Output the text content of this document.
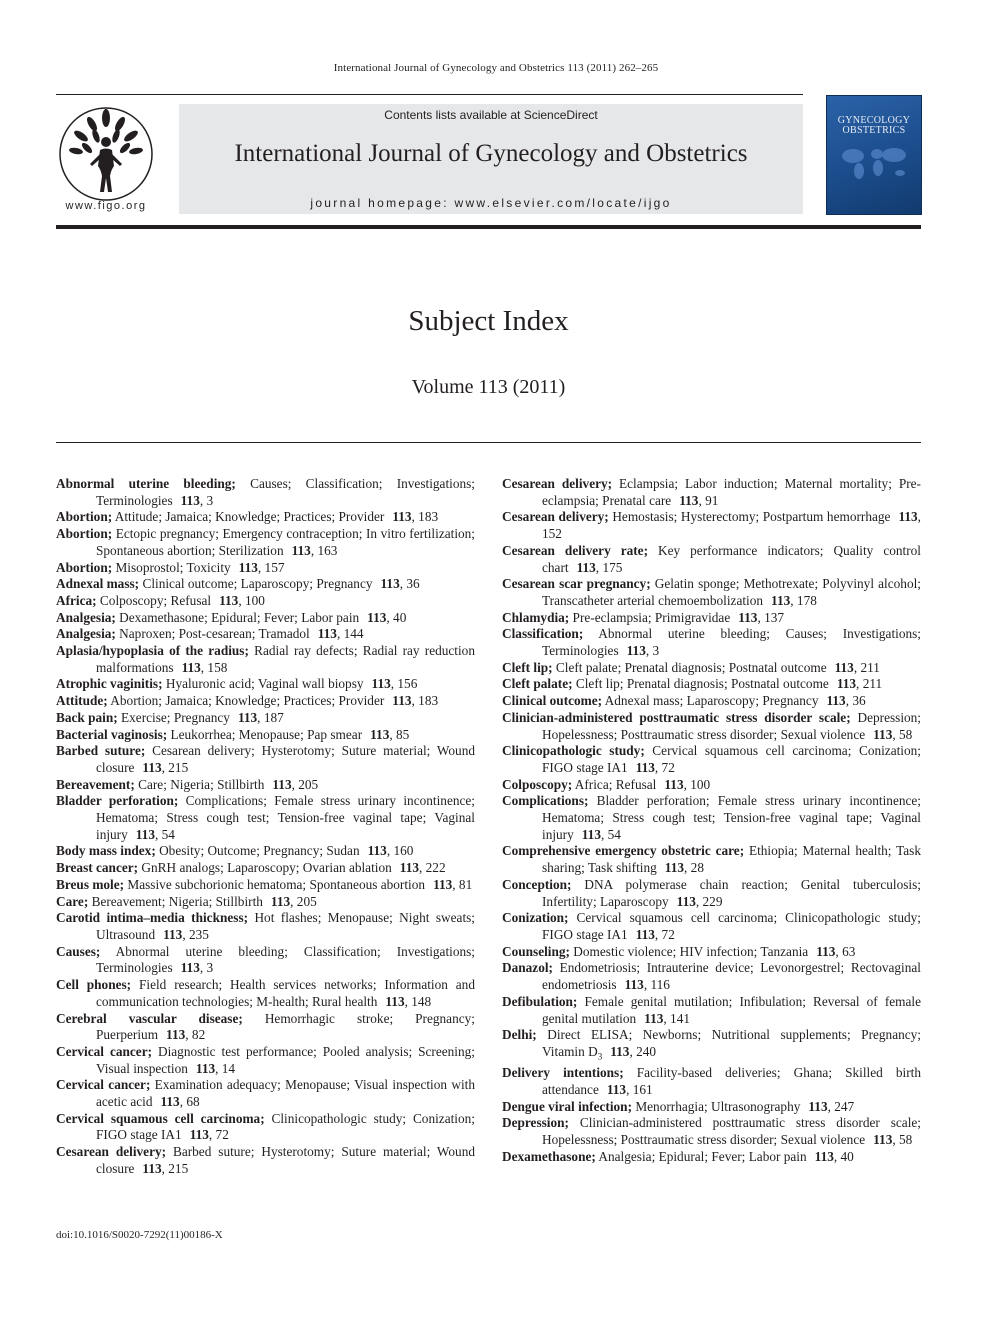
International Journal of Gynecology and Obstetrics 113 (2011) 262–265
www.figo.org
Contents lists available at ScienceDirect
International Journal of Gynecology and Obstetrics
journal homepage: www.elsevier.com/locate/ijgo
GYNECOLOGY OBSTETRICS
Subject Index
Volume 113 (2011)
Abnormal uterine bleeding; Causes; Classification; Investigations; Terminologies 113, 3
Abortion; Attitude; Jamaica; Knowledge; Practices; Provider 113, 183
Abortion; Ectopic pregnancy; Emergency contraception; In vitro fertilization; Spontaneous abortion; Sterilization 113, 163
Abortion; Misoprostol; Toxicity 113, 157
Adnexal mass; Clinical outcome; Laparoscopy; Pregnancy 113, 36
Africa; Colposcopy; Refusal 113, 100
Analgesia; Dexamethasone; Epidural; Fever; Labor pain 113, 40
Analgesia; Naproxen; Post-cesarean; Tramadol 113, 144
Aplasia/hypoplasia of the radius; Radial ray defects; Radial ray reduction malformations 113, 158
Atrophic vaginitis; Hyaluronic acid; Vaginal wall biopsy 113, 156
Attitude; Abortion; Jamaica; Knowledge; Practices; Provider 113, 183
Back pain; Exercise; Pregnancy 113, 187
Bacterial vaginosis; Leukorrhea; Menopause; Pap smear 113, 85
Barbed suture; Cesarean delivery; Hysterotomy; Suture material; Wound closure 113, 215
Bereavement; Care; Nigeria; Stillbirth 113, 205
Bladder perforation; Complications; Female stress urinary incontinence; Hematoma; Stress cough test; Tension-free vaginal tape; Vaginal injury 113, 54
Body mass index; Obesity; Outcome; Pregnancy; Sudan 113, 160
Breast cancer; GnRH analogs; Laparoscopy; Ovarian ablation 113, 222
Breus mole; Massive subchorionic hematoma; Spontaneous abortion 113, 81
Care; Bereavement; Nigeria; Stillbirth 113, 205
Carotid intima–media thickness; Hot flashes; Menopause; Night sweats; Ultrasound 113, 235
Causes; Abnormal uterine bleeding; Classification; Investigations; Terminologies 113, 3
Cell phones; Field research; Health services networks; Information and communication technologies; M-health; Rural health 113, 148
Cerebral vascular disease; Hemorrhagic stroke; Pregnancy; Puerperium 113, 82
Cervical cancer; Diagnostic test performance; Pooled analysis; Screening; Visual inspection 113, 14
Cervical cancer; Examination adequacy; Menopause; Visual inspection with acetic acid 113, 68
Cervical squamous cell carcinoma; Clinicopathologic study; Conization; FIGO stage IA1 113, 72
Cesarean delivery; Barbed suture; Hysterotomy; Suture material; Wound closure 113, 215
Cesarean delivery; Eclampsia; Labor induction; Maternal mortality; Pre-eclampsia; Prenatal care 113, 91
Cesarean delivery; Hemostasis; Hysterectomy; Postpartum hemorrhage 113, 152
Cesarean delivery rate; Key performance indicators; Quality control chart 113, 175
Cesarean scar pregnancy; Gelatin sponge; Methotrexate; Polyvinyl alcohol; Transcatheter arterial chemoembolization 113, 178
Chlamydia; Pre-eclampsia; Primigravidae 113, 137
Classification; Abnormal uterine bleeding; Causes; Investigations; Terminologies 113, 3
Cleft lip; Cleft palate; Prenatal diagnosis; Postnatal outcome 113, 211
Cleft palate; Cleft lip; Prenatal diagnosis; Postnatal outcome 113, 211
Clinical outcome; Adnexal mass; Laparoscopy; Pregnancy 113, 36
Clinician-administered posttraumatic stress disorder scale; Depression; Hopelessness; Posttraumatic stress disorder; Sexual violence 113, 58
Clinicopathologic study; Cervical squamous cell carcinoma; Conization; FIGO stage IA1 113, 72
Colposcopy; Africa; Refusal 113, 100
Complications; Bladder perforation; Female stress urinary incontinence; Hematoma; Stress cough test; Tension-free vaginal tape; Vaginal injury 113, 54
Comprehensive emergency obstetric care; Ethiopia; Maternal health; Task sharing; Task shifting 113, 28
Conception; DNA polymerase chain reaction; Genital tuberculosis; Infertility; Laparoscopy 113, 229
Conization; Cervical squamous cell carcinoma; Clinicopathologic study; FIGO stage IA1 113, 72
Counseling; Domestic violence; HIV infection; Tanzania 113, 63
Danazol; Endometriosis; Intrauterine device; Levonorgestrel; Rectovaginal endometriosis 113, 116
Defibulation; Female genital mutilation; Infibulation; Reversal of female genital mutilation 113, 141
Delhi; Direct ELISA; Newborns; Nutritional supplements; Pregnancy; Vitamin $D_3$ 113, 240
Delivery intentions; Facility-based deliveries; Ghana; Skilled birth attendance 113, 161
Dengue viral infection; Menorrhagia; Ultrasonography 113, 247
Depression; Clinician-administered posttraumatic stress disorder scale; Hopelessness; Posttraumatic stress disorder; Sexual violence 113, 58
Dexamethasone; Analgesia; Epidural; Fever; Labor pain 113, 40
doi:10.1016/S0020-7292(11)00186-X
